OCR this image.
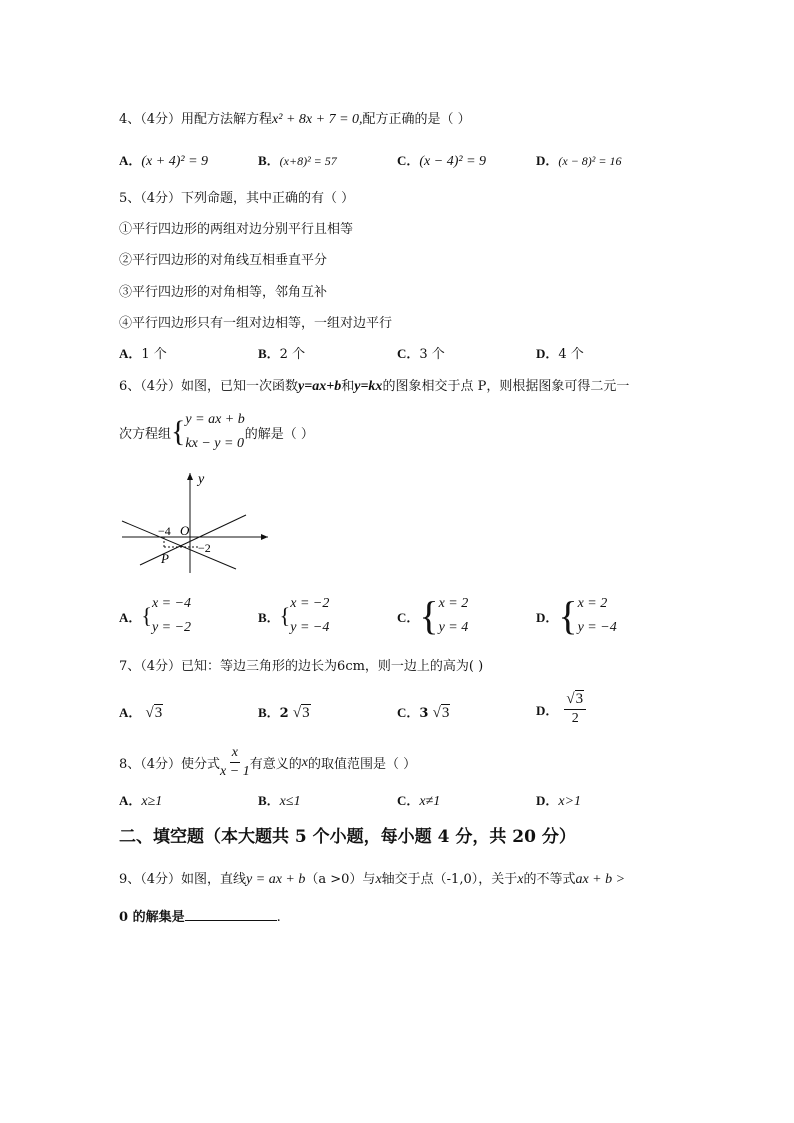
4、（4分）用配方法解方程x² + 8x + 7 = 0,配方正确的是（ ）
A．(x + 4)² = 9	B．(x+8)² = 57	C．(x − 4)² = 9	D．(x − 8)² = 16
5、（4分）下列命题，其中正确的有（ ）
①平行四边形的两组对边分别平行且相等
②平行四边形的对角线互相垂直平分
③平行四边形的对角相等，邻角互补
④平行四边形只有一组对边相等，一组对边平行
A．1 个	B．2 个	C．3 个	D．4 个
6、（4分）如图，已知一次函数y=ax+b和y=kx的图象相交于点 P，则根据图象可得二元一
次方程组 { y = ax + b
kx − y = 0
的解是（ ）
y
O
−4
−2
P
A． { x = −4
y = −2
B． { x = −2
y = −4
C． { x = 2
y = 4
D． { x = 2
y = −4
7、（4分）已知：等边三角形的边长为6cm，则一边上的高为( )
A． √3	B．2 √3	C．3 √3	D． $\frac{√3}{2}$
8、（4分）使分式 $\frac{x}{x - 1}$ 有意义的 x 的取值范围是（ ）
A．x≥1	B．x≤1	C．x≠1	D．x>1
二、填空题（本大题共 5 个小题，每小题 4 分，共 20 分）
9、（4分）如图，直线y = ax + b（a >0）与x轴交于点（-1,0），关于x的不等式ax + b >
0 的解集是	.
